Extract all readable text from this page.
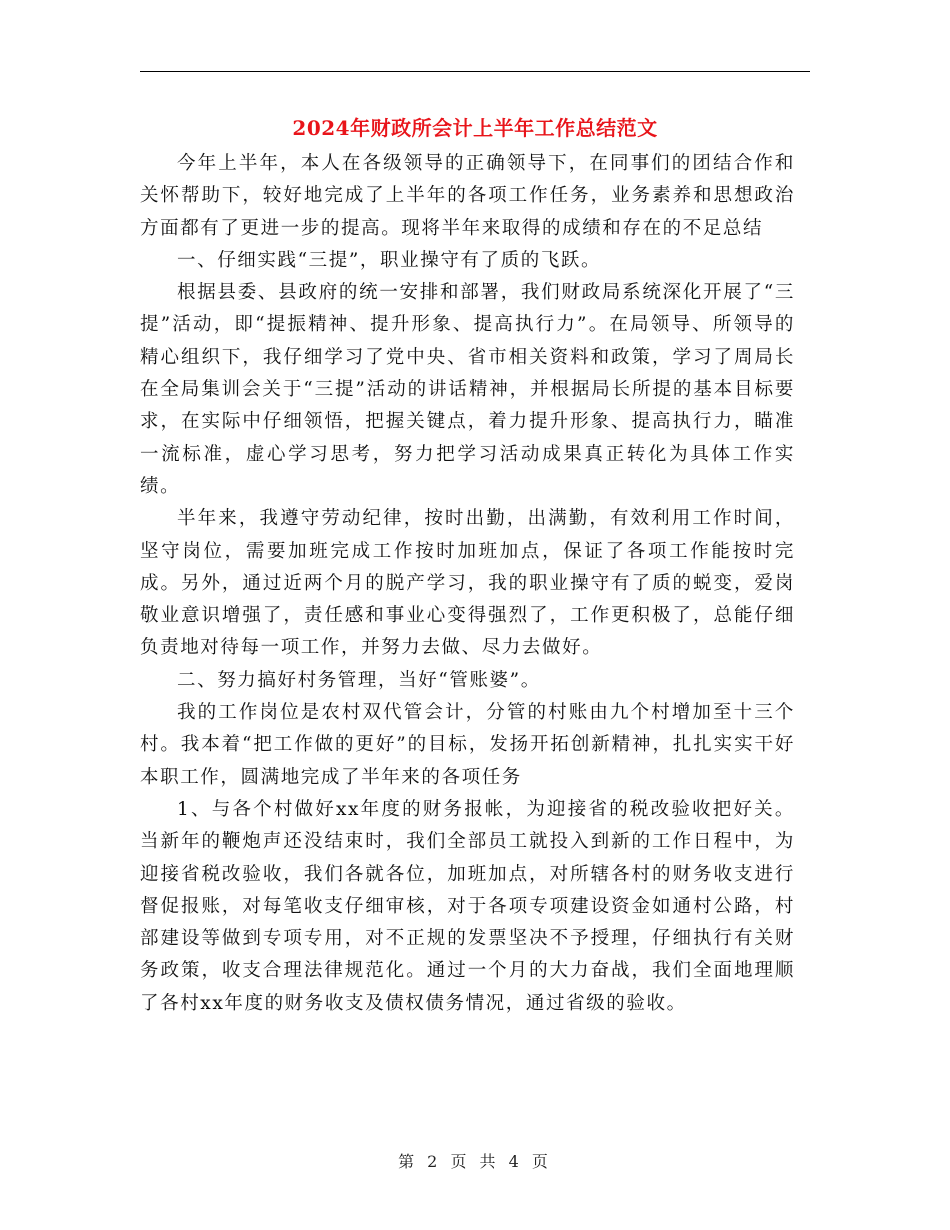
2024年财政所会计上半年工作总结范文

今年上半年，本人在各级领导的正确领导下，在同事们的团结合作和关怀帮助下，较好地完成了上半年的各项工作任务，业务素养和思想政治方面都有了更进一步的提高。现将半年来取得的成绩和存在的不足总结

一、仔细实践“三提”，职业操守有了质的飞跃。

根据县委、县政府的统一安排和部署，我们财政局系统深化开展了“三提”活动，即“提振精神、提升形象、提高执行力”。在局领导、所领导的精心组织下，我仔细学习了党中央、省市相关资料和政策，学习了周局长在全局集训会关于“三提”活动的讲话精神，并根据局长所提的基本目标要求，在实际中仔细领悟，把握关键点，着力提升形象、提高执行力，瞄准一流标准，虚心学习思考，努力把学习活动成果真正转化为具体工作实绩。

半年来，我遵守劳动纪律，按时出勤，出满勤，有效利用工作时间，坚守岗位，需要加班完成工作按时加班加点，保证了各项工作能按时完成。另外，通过近两个月的脱产学习，我的职业操守有了质的蜕变，爱岗敬业意识增强了，责任感和事业心变得强烈了，工作更积极了，总能仔细负责地对待每一项工作，并努力去做、尽力去做好。

二、努力搞好村务管理，当好“管账婆”。

我的工作岗位是农村双代管会计，分管的村账由九个村增加至十三个村。我本着“把工作做的更好”的目标，发扬开拓创新精神，扎扎实实干好本职工作，圆满地完成了半年来的各项任务

1、与各个村做好xx年度的财务报帐，为迎接省的税改验收把好关。当新年的鞭炮声还没结束时，我们全部员工就投入到新的工作日程中，为迎接省税改验收，我们各就各位，加班加点，对所辖各村的财务收支进行督促报账，对每笔收支仔细审核，对于各项专项建设资金如通村公路，村部建设等做到专项专用，对不正规的发票坚决不予授理，仔细执行有关财务政策，收支合理法律规范化。通过一个月的大力奋战，我们全面地理顺了各村xx年度的财务收支及债权债务情况，通过省级的验收。

第 2 页 共 4 页
